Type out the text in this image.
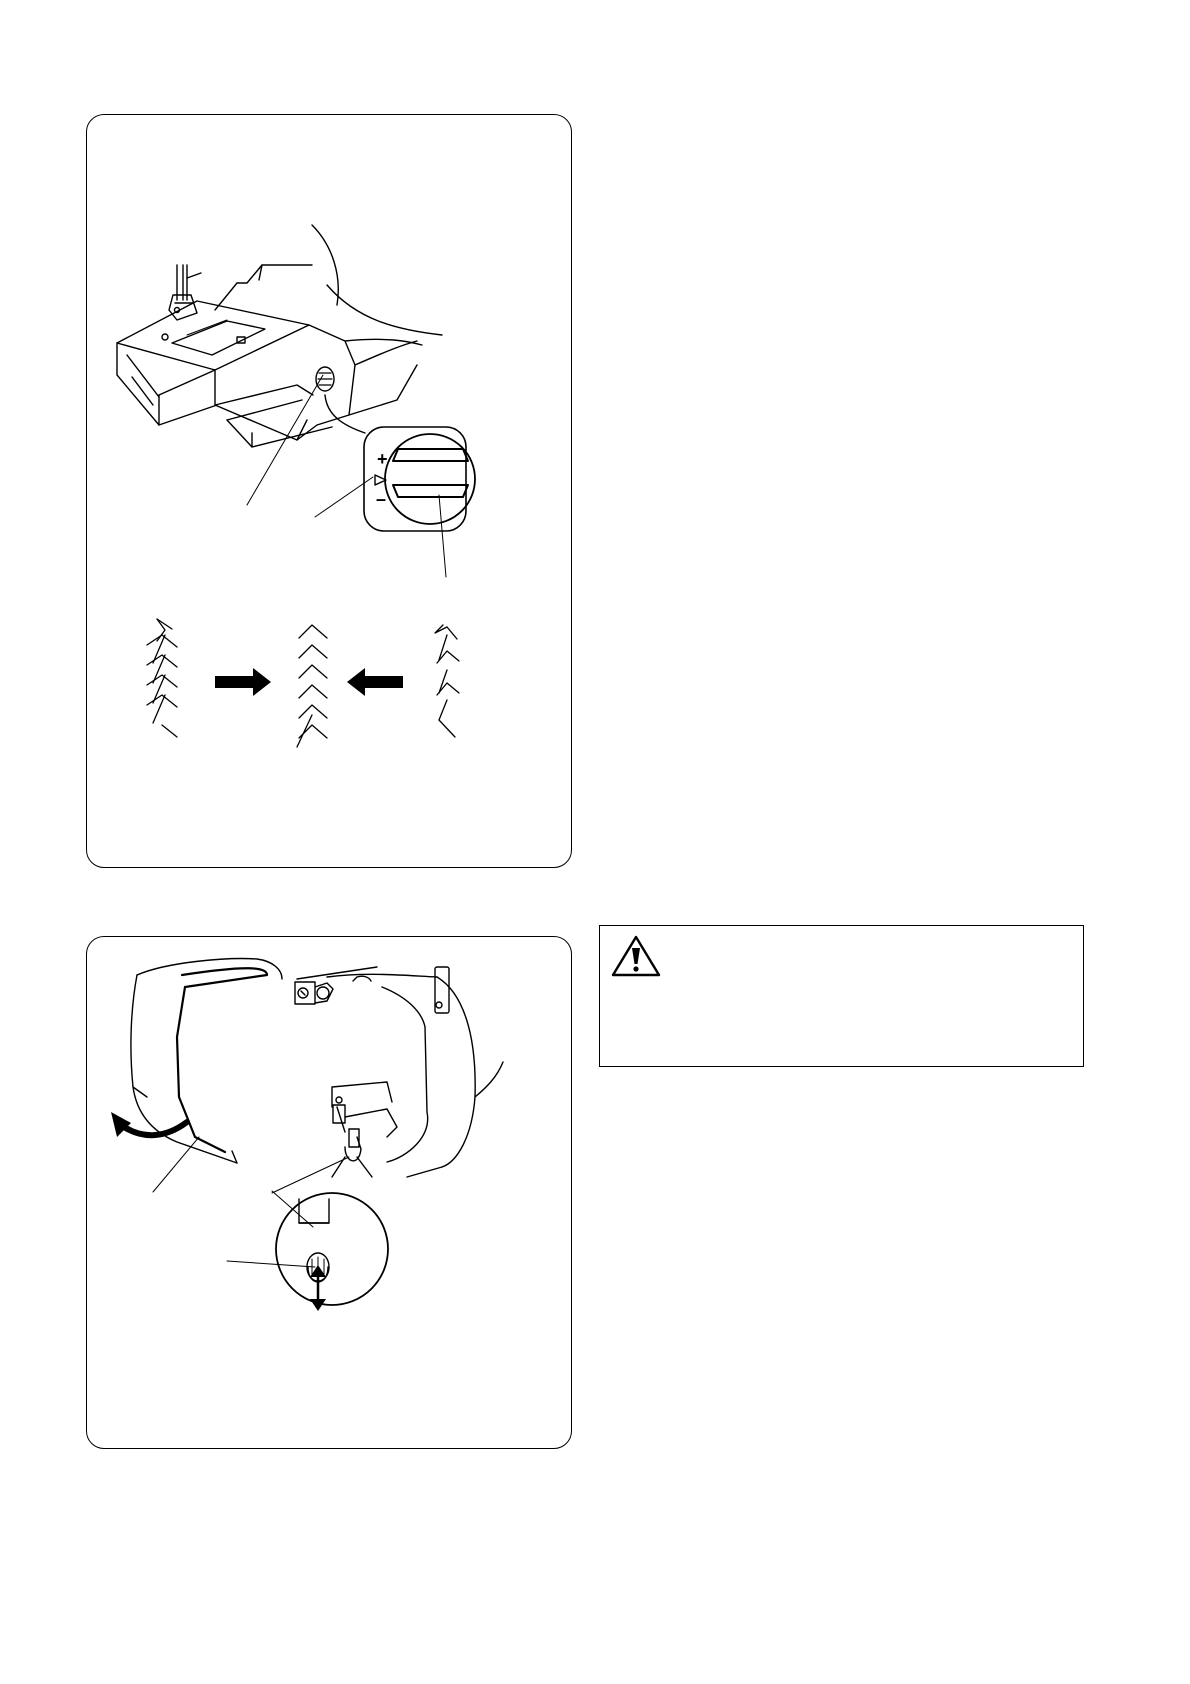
+
–
